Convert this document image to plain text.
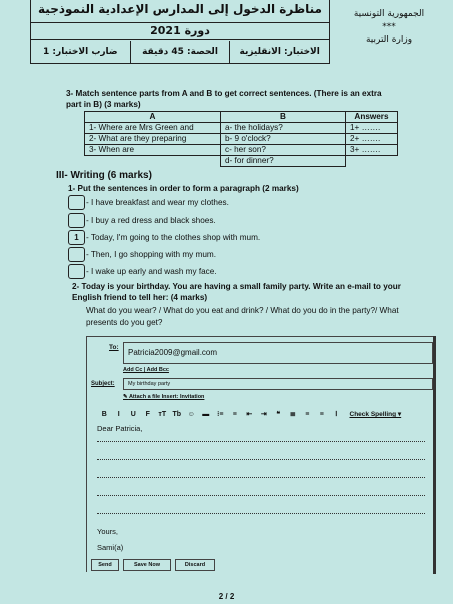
مناظرة الدخول إلى المدارس الإعدادية النموذجية
دورة 2021
الاختبار: الانقليزية
الحصة: 45 دقيقة
ضارب الاختبار: 1
الجمهورية التونسية
***
وزارة التربية
3- Match sentence parts from A and B to get correct sentences. (There is an extra part in B) (3 marks)
A	B	Answers
1- Where are Mrs Green and	a- the holidays?	1+ …….
2- What are they preparing	b- 9 o'clock?	2+ …….
3- When are	c- her son?	3+ …….
	d- for dinner?	
III- Writing (6 marks)
1- Put the sentences in order to form a paragraph (2 marks)
- I have breakfast and wear my clothes.
- I buy a red dress and black shoes.
1 - Today, I'm going to the clothes shop with mum.
- Then, I go shopping with my mum.
- I wake up early and wash my face.
2- Today is your birthday. You are having a small family party. Write an e-mail to your English friend to tell her: (4 marks)
What do you wear? / What do you eat and drink? / What do you do in the party?/ What presents do you get?
To:
Patricia2009@gmail.com
Add Cc | Add Bcc
Subject:	My birthday party
✎ Attach a file Insert: Invitation
B	I	U	F	тT Tb ☺	▬	⁝≡	≡	⇤	⇥	❝	≣	≡	≡	Ⅰ	Check Spelling ▾
Dear Patricia,
Yours,
Sami(a)
Send	Save Now	Discard
2 / 2
